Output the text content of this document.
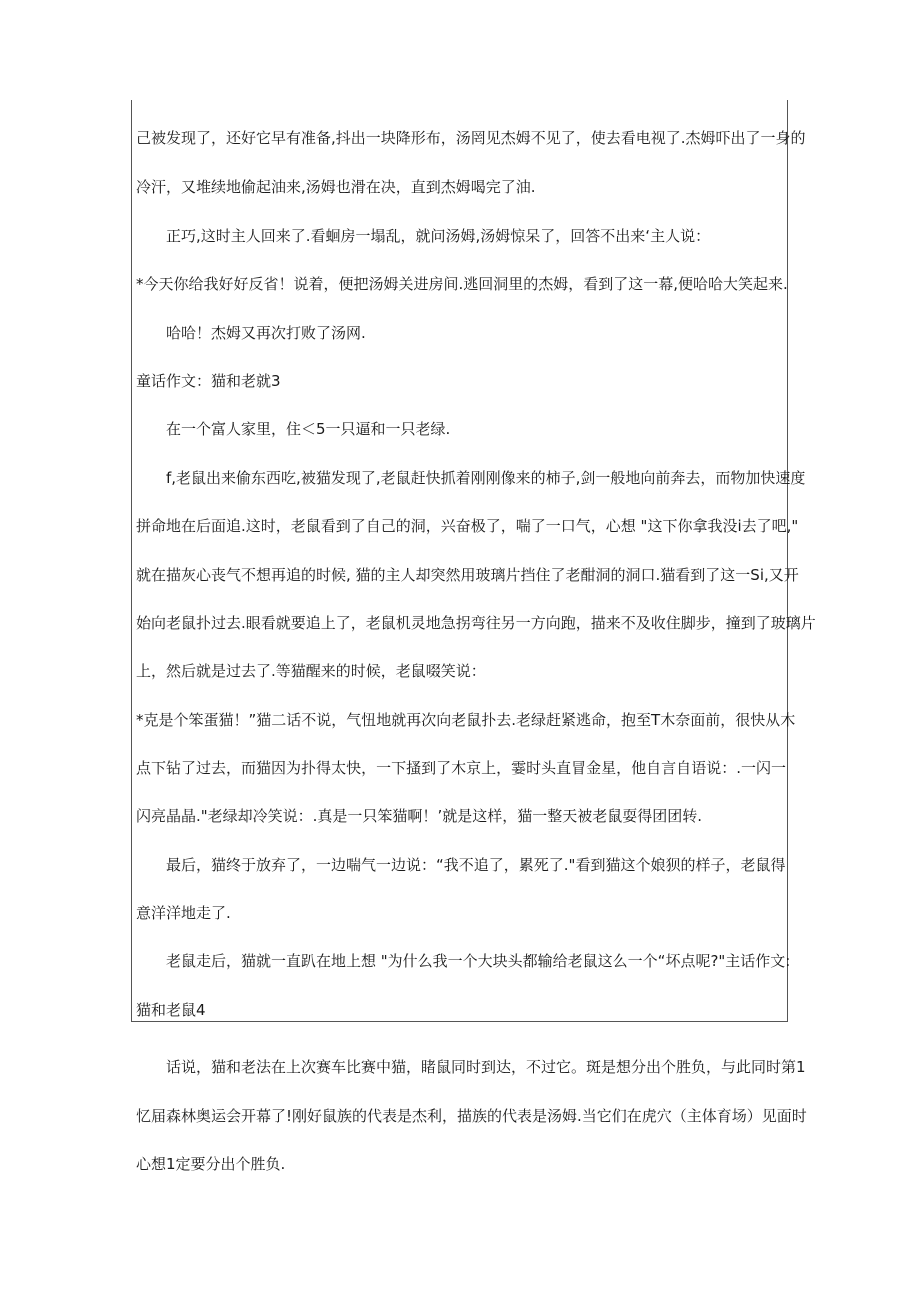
己被发现了，还好它早有准备,抖出一块降形布，汤罔见杰姆不见了，使去看电视了.杰姆吓出了一身的
冷汗，又堆续地偷起油来,汤姆也滑在决，直到杰姆喝完了油.
正巧,这时主人回来了.看蛔房一塌乱，就问汤姆,汤姆惊呆了，回答不出来‘主人说：
*今天你给我好好反省！说着，便把汤姆关进房间.逃回洞里的杰姆，看到了这一幕,便哈哈大笑起来.
哈哈！杰姆又再次打败了汤网.
童话作文：猫和老就3
在一个富人家里，住＜5一只逼和一只老绿.
f,老鼠出来偷东西吃,被猫发现了,老鼠赶快抓着刚刚像来的柿子,剑一般地向前奔去，而物加快速度
拼命地在后面追.这时，老鼠看到了自己的洞，兴奋极了，喘了一口气，心想 "这下你拿我没i去了吧,"
就在描灰心丧气不想再追的时候, 猫的主人却突然用玻璃片挡住了老酣洞的洞口.猫看到了这一Si,又开
始向老鼠扑过去.眼看就要追上了，老鼠机灵地急拐弯往另一方向跑，描来不及收住脚步，撞到了玻璃片
上，然后就是过去了.等猫醒来的时候，老鼠啜笑说：
*克是个笨蛋猫！”猫二话不说，气忸地就再次向老鼠扑去.老绿赶紧逃命，抱至T木奈面前，很快从木
点下钻了过去，而猫因为扑得太快，一下搔到了木京上，霎时头直冒金星，他自言自语说：.一闪一
闪亮晶晶."老绿却冷笑说：.真是一只笨猫啊！’就是这样，猫一整天被老鼠耍得团团转.
最后，猫终于放弃了，一边喘气一边说：“我不追了，累死了."看到猫这个娘狈的样子，老鼠得
意洋洋地走了.
老鼠走后，猫就一直趴在地上想 "为什么我一个大块头都输给老鼠这么一个“坏点呢?"主话作文:
猫和老鼠4
话说，猫和老法在上次赛车比赛中猫，睹鼠同时到达，不过它。斑是想分出个胜负，与此同时第1
忆届森林奥运会开幕了!刚好鼠族的代表是杰利，描族的代表是汤姆.当它们在虎穴（主体育场）见面时
心想1定要分出个胜负.
